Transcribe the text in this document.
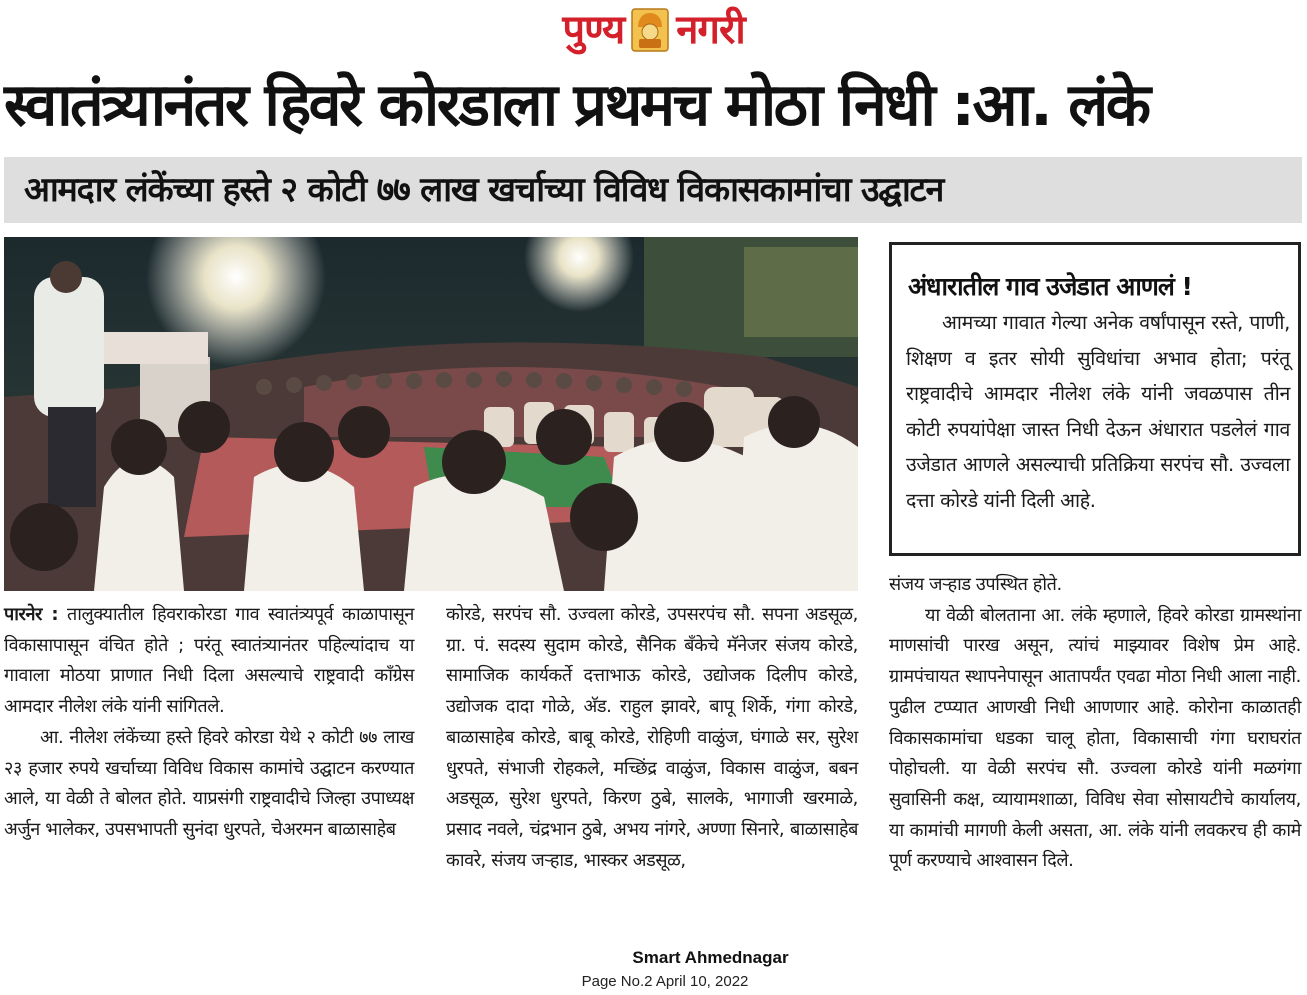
पुण्य नगरी
स्वातंत्र्यानंतर हिवरे कोरडाला प्रथमच मोठा निधी :आ. लंके
आमदार लंकेंच्या हस्ते २ कोटी ७७ लाख खर्चाच्या विविध विकासकामांचा उद्घाटन
अंधारातील गाव उजेडात आणलं !
आमच्या गावात गेल्या अनेक वर्षांपासून रस्ते, पाणी, शिक्षण व इतर सोयी सुविधांचा अभाव होता; परंतू राष्ट्रवादीचे आमदार नीलेश लंके यांनी जवळपास तीन कोटी रुपयांपेक्षा जास्त निधी देऊन अंधारात पडलेलं गाव उजेडात आणले असल्याची प्रतिक्रिया सरपंच सौ. उज्वला दत्ता कोरडे यांनी दिली आहे.

पारनेर : तालुक्यातील हिवराकोरडा गाव स्वातंत्र्यपूर्व काळापासून विकासापासून वंचित होते ; परंतू स्वातंत्र्यानंतर पहिल्यांदाच या गावाला मोठया प्राणात निधी दिला असल्याचे राष्ट्रवादी काँग्रेस आमदार नीलेश लंके यांनी सांगितले.

आ. नीलेश लंकेंच्या हस्ते हिवरे कोरडा येथे २ कोटी ७७ लाख २३ हजार रुपये खर्चाच्या विविध विकास कामांचे उद्घाटन करण्यात आले, या वेळी ते बोलत होते. याप्रसंगी राष्ट्रवादीचे जिल्हा उपाध्यक्ष अर्जुन भालेकर, उपसभापती सुनंदा धुरपते, चेअरमन बाळासाहेब

कोरडे, सरपंच सौ. उज्वला कोरडे, उपसरपंच सौ. सपना अडसूळ, ग्रा. पं. सदस्य सुदाम कोरडे, सैनिक बँकेचे मॅनेजर संजय कोरडे, सामाजिक कार्यकर्ते दत्ताभाऊ कोरडे, उद्योजक दिलीप कोरडे, उद्योजक दादा गोळे, अ‍ॅड. राहुल झावरे, बापू शिर्के, गंगा कोरडे, बाळासाहेब कोरडे, बाबू कोरडे, रोहिणी वाळुंज, घंगाळे सर, सुरेश धुरपते, संभाजी रोहकले, मच्छिंद्र वाळुंज, विकास वाळुंज, बबन अडसूळ, सुरेश धुरपते, किरण ठुबे, सालके, भागाजी खरमाळे, प्रसाद नवले, चंद्रभान ठुबे, अभय नांगरे, अण्णा सिनारे, बाळासाहेब कावरे, संजय जऱ्हाड, भास्कर अडसूळ,

संजय जऱ्हाड उपस्थित होते.

या वेळी बोलताना आ. लंके म्हणाले, हिवरे कोरडा ग्रामस्थांना माणसांची पारख असून, त्यांचं माझ्यावर विशेष प्रेम आहे. ग्रामपंचायत स्थापनेपासून आतापर्यंत एवढा मोठा निधी आला नाही. पुढील टप्प्यात आणखी निधी आणणार आहे. कोरोना काळातही विकासकामांचा धडका चालू होता, विकासाची गंगा घराघरांत पोहोचली. या वेळी सरपंच सौ. उज्वला कोरडे यांनी मळगंगा सुवासिनी कक्ष, व्यायामशाळा, विविध सेवा सोसायटीचे कार्यालय, या कामांची मागणी केली असता, आ. लंके यांनी लवकरच ही कामे पूर्ण करण्याचे आश्वासन दिले.

Smart Ahmednagar
Page No.2 April 10, 2022
